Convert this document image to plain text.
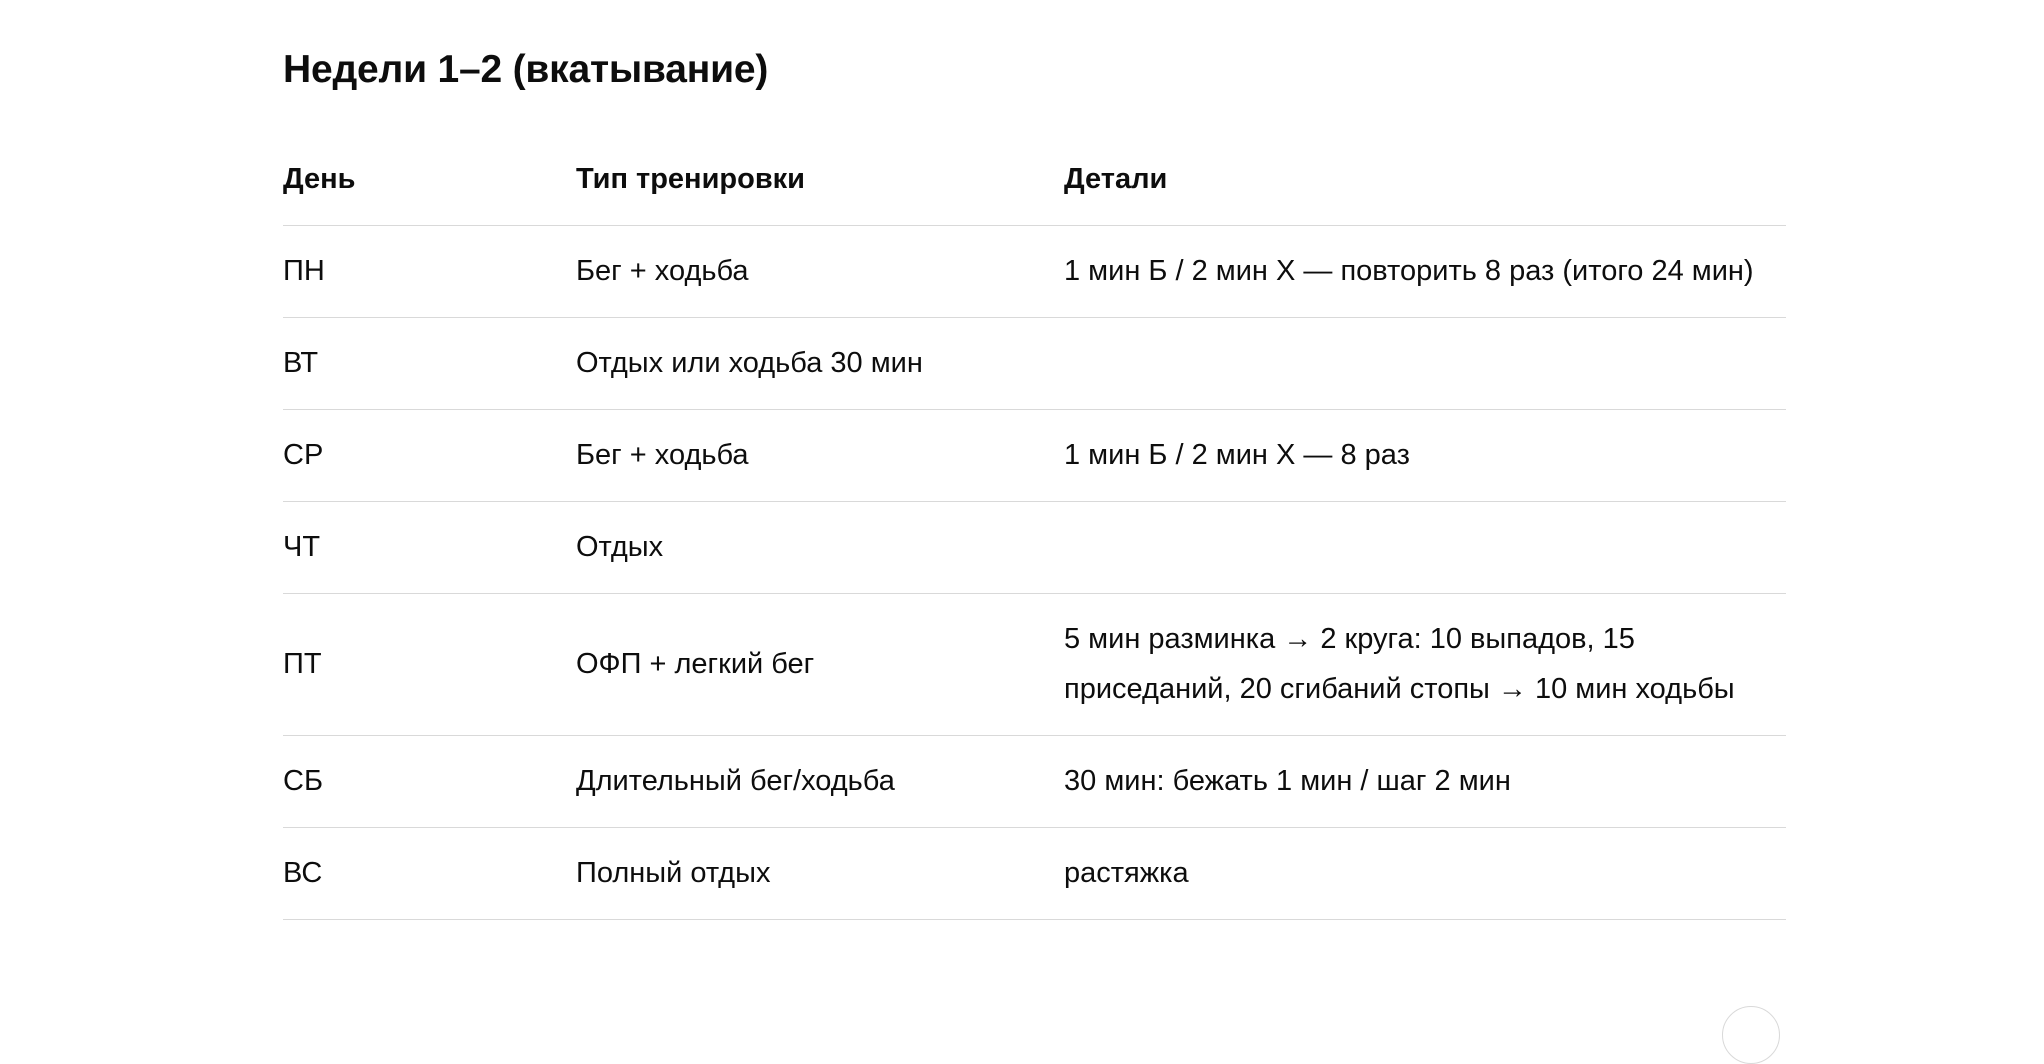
Недели 1–2 (вкатывание)
День	Тип тренировки	Детали
ПН	Бег + ходьба	1 мин Б / 2 мин Х — повторить 8 раз (итого 24 мин)
ВТ	Отдых или ходьба 30 мин	
СР	Бег + ходьба	1 мин Б / 2 мин Х — 8 раз
ЧТ	Отдых	
ПТ	ОФП + легкий бег	5 мин разминка → 2 круга: 10 выпадов, 15 приседаний, 20 сгибаний стопы → 10 мин ходьбы
СБ	Длительный бег/ходьба	30 мин: бежать 1 мин / шаг 2 мин
ВС	Полный отдых	растяжка
